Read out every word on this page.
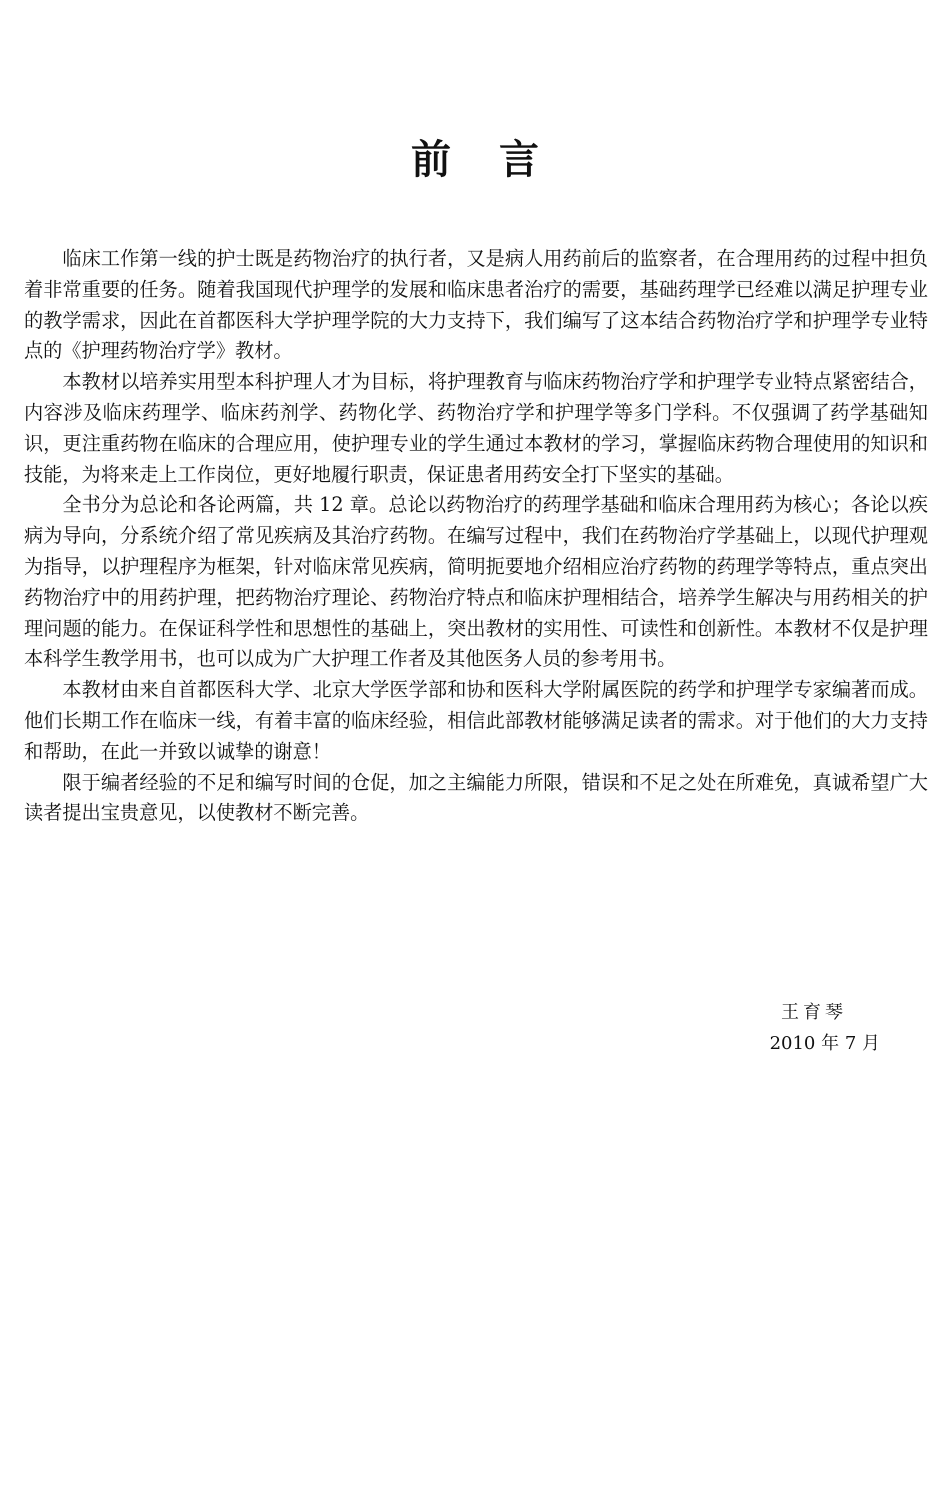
前言

临床工作第一线的护士既是药物治疗的执行者，又是病人用药前后的监察者，在合理用药的过程中担负着非常重要的任务。随着我国现代护理学的发展和临床患者治疗的需要，基础药理学已经难以满足护理专业的教学需求，因此在首都医科大学护理学院的大力支持下，我们编写了这本结合药物治疗学和护理学专业特点的《护理药物治疗学》教材。

本教材以培养实用型本科护理人才为目标，将护理教育与临床药物治疗学和护理学专业特点紧密结合，内容涉及临床药理学、临床药剂学、药物化学、药物治疗学和护理学等多门学科。不仅强调了药学基础知识，更注重药物在临床的合理应用，使护理专业的学生通过本教材的学习，掌握临床药物合理使用的知识和技能，为将来走上工作岗位，更好地履行职责，保证患者用药安全打下坚实的基础。

全书分为总论和各论两篇，共 12 章。总论以药物治疗的药理学基础和临床合理用药为核心；各论以疾病为导向，分系统介绍了常见疾病及其治疗药物。在编写过程中，我们在药物治疗学基础上，以现代护理观为指导，以护理程序为框架，针对临床常见疾病，简明扼要地介绍相应治疗药物的药理学等特点，重点突出药物治疗中的用药护理，把药物治疗理论、药物治疗特点和临床护理相结合，培养学生解决与用药相关的护理问题的能力。在保证科学性和思想性的基础上，突出教材的实用性、可读性和创新性。本教材不仅是护理本科学生教学用书，也可以成为广大护理工作者及其他医务人员的参考用书。

本教材由来自首都医科大学、北京大学医学部和协和医科大学附属医院的药学和护理学专家编著而成。他们长期工作在临床一线，有着丰富的临床经验，相信此部教材能够满足读者的需求。对于他们的大力支持和帮助，在此一并致以诚挚的谢意！

限于编者经验的不足和编写时间的仓促，加之主编能力所限，错误和不足之处在所难免，真诚希望广大读者提出宝贵意见，以使教材不断完善。

王育琴

2010 年 7 月
